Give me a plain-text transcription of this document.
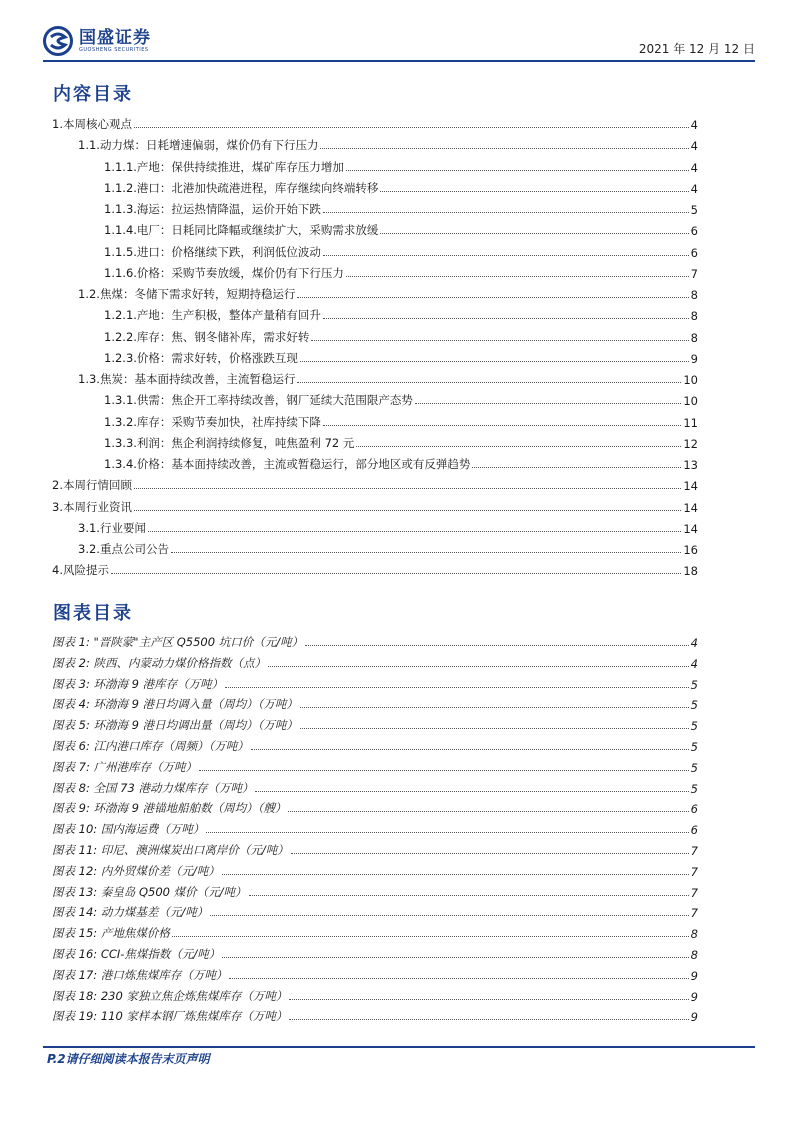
国盛证券
GUOSHENG SECURITIES	2021 年 12 月 12 日
内容目录
1.本周核心观点	4
1.1.动力煤：日耗增速偏弱，煤价仍有下行压力	4
1.1.1.产地：保供持续推进，煤矿库存压力增加	4
1.1.2.港口：北港加快疏港进程，库存继续向终端转移	4
1.1.3.海运：拉运热情降温，运价开始下跌	5
1.1.4.电厂：日耗同比降幅或继续扩大，采购需求放缓	6
1.1.5.进口：价格继续下跌，利润低位波动	6
1.1.6.价格：采购节奏放缓，煤价仍有下行压力	7
1.2.焦煤：冬储下需求好转，短期持稳运行	8
1.2.1.产地：生产积极，整体产量稍有回升	8
1.2.2.库存：焦、钢冬储补库，需求好转	8
1.2.3.价格：需求好转，价格涨跌互现	9
1.3.焦炭：基本面持续改善，主流暂稳运行	10
1.3.1.供需：焦企开工率持续改善，钢厂延续大范围限产态势	10
1.3.2.库存：采购节奏加快，社库持续下降	11
1.3.3.利润：焦企利润持续修复，吨焦盈利 72 元	12
1.3.4.价格：基本面持续改善，主流或暂稳运行，部分地区或有反弹趋势	13
2.本周行情回顾	14
3.本周行业资讯	14
3.1.行业要闻	14
3.2.重点公司公告	16
4.风险提示	18
图表目录
图表 1: "晋陕蒙"主产区 Q5500 坑口价（元/吨）	4
图表 2: 陕西、内蒙动力煤价格指数（点）	4
图表 3: 环渤海 9 港库存（万吨）	5
图表 4: 环渤海 9 港日均调入量（周均）（万吨）	5
图表 5: 环渤海 9 港日均调出量（周均）（万吨）	5
图表 6: 江内港口库存（周频）（万吨）	5
图表 7: 广州港库存（万吨）	5
图表 8: 全国 73 港动力煤库存（万吨）	5
图表 9: 环渤海 9 港锚地船舶数（周均）（艘）	6
图表 10: 国内海运费（万吨）	6
图表 11: 印尼、澳洲煤炭出口离岸价（元/吨）	7
图表 12: 内外贸煤价差（元/吨）	7
图表 13: 秦皇岛 Q500 煤价（元/吨）	7
图表 14: 动力煤基差（元/吨）	7
图表 15: 产地焦煤价格	8
图表 16: CCI-焦煤指数（元/吨）	8
图表 17: 港口炼焦煤库存（万吨）	9
图表 18: 230 家独立焦企炼焦煤库存（万吨）	9
图表 19: 110 家样本钢厂炼焦煤库存（万吨）	9
P.2请仔细阅读本报告末页声明
